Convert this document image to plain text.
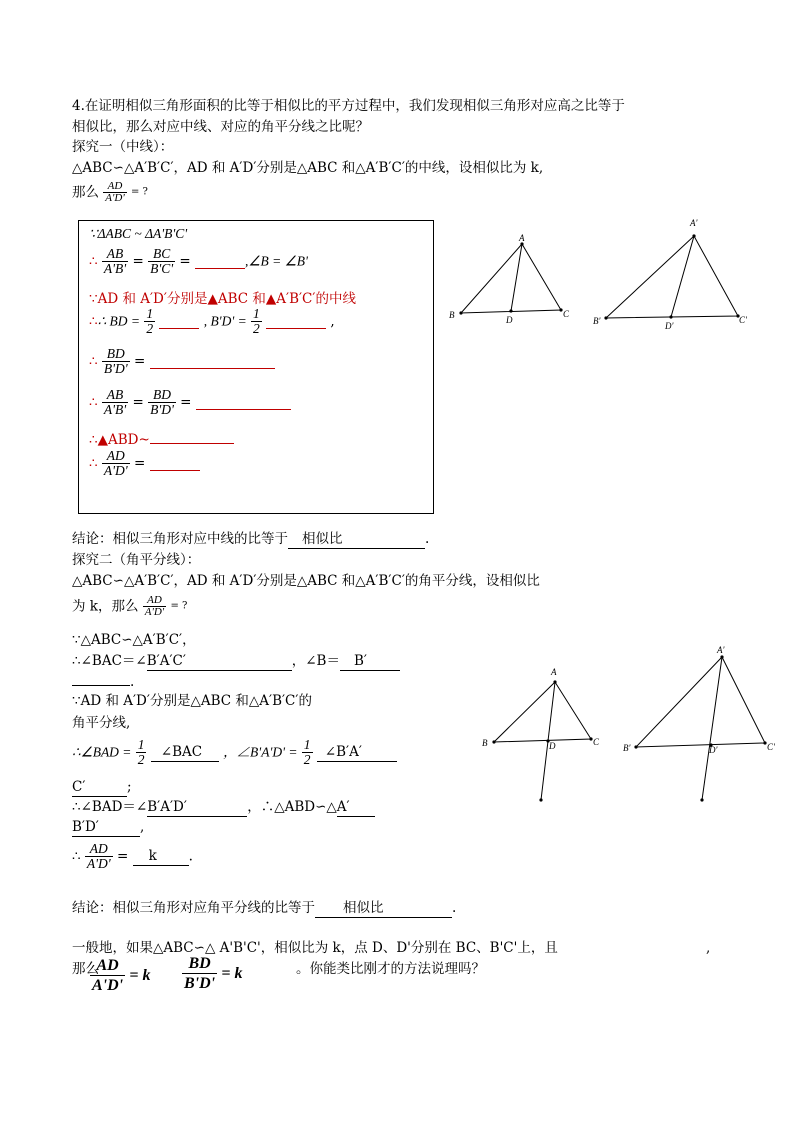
4.在证明相似三角形面积的比等于相似比的平方过程中，我们发现相似三角形对应高之比等于
相似比，那么对应中线、对应的角平分线之比呢？
探究一（中线）：
△ABC∽△A′B′C′，AD 和 A′D′分别是△ABC 和△A′B′C′的中线，设相似比为 k,
那么 $\frac{AD}{A'D'}$ = ?
∵ΔABC ~ ΔA'B'C'
∴ $\frac{AB}{A'B'} = \frac{BC}{B'C'}$ =	,∠B = ∠B'
∵AD 和 A′D′分别是▲ABC 和▲A′B′C′的中线
∴∴ BD = $\frac{1}{2}$	, $B'D' = \frac{1}{2}$	,
∴ $\frac{BD}{B'D'}$ =
∴ $\frac{AB}{A'B'} = \frac{BD}{B'D'}$ =
∴▲ABD~
∴ $\frac{AD}{A'D'}$ =
A
B	C
D
A'
B'	C'
D'
结论：相似三角形对应中线的比等于 相似比	.
探究二（角平分线）：
△ABC∽△A′B′C′，AD 和 A′D′分别是△ABC 和△A′B′C′的角平分线，设相似比
为 k，那么 $\frac{AD}{A'D'}$ = ?
∵△ABC∽△A′B′C′，
∴∠BAC＝∠B′A′C′	，∠B＝ B′
.
∵AD 和 A′D′分别是△ABC 和△A′B′C′的
角平分线,
∴∠BAD = $\frac{1}{2}$ ∠BAC ，∠B'A'D' = $\frac{1}{2}$ ∠B′A′
C′	;
∴∠BAD＝∠B′A′D′	，∴△ABD∽△A′
B′D′	,
∴ $\frac{AD}{A'D'} = k$ .
A
B	C
D
A'
B'	C'
D'
结论：相似三角形对应角平分线的比等于 相似比	.
一般地，如果△ABC∽△ A'B'C'，相似比为 k，点 D、D'分别在 BC、B'C'上，且	,
那么
$\frac{AD}{A'D'} = k \frac{BD}{B'D'} = k$	。你能类比刚才的方法说理吗？
